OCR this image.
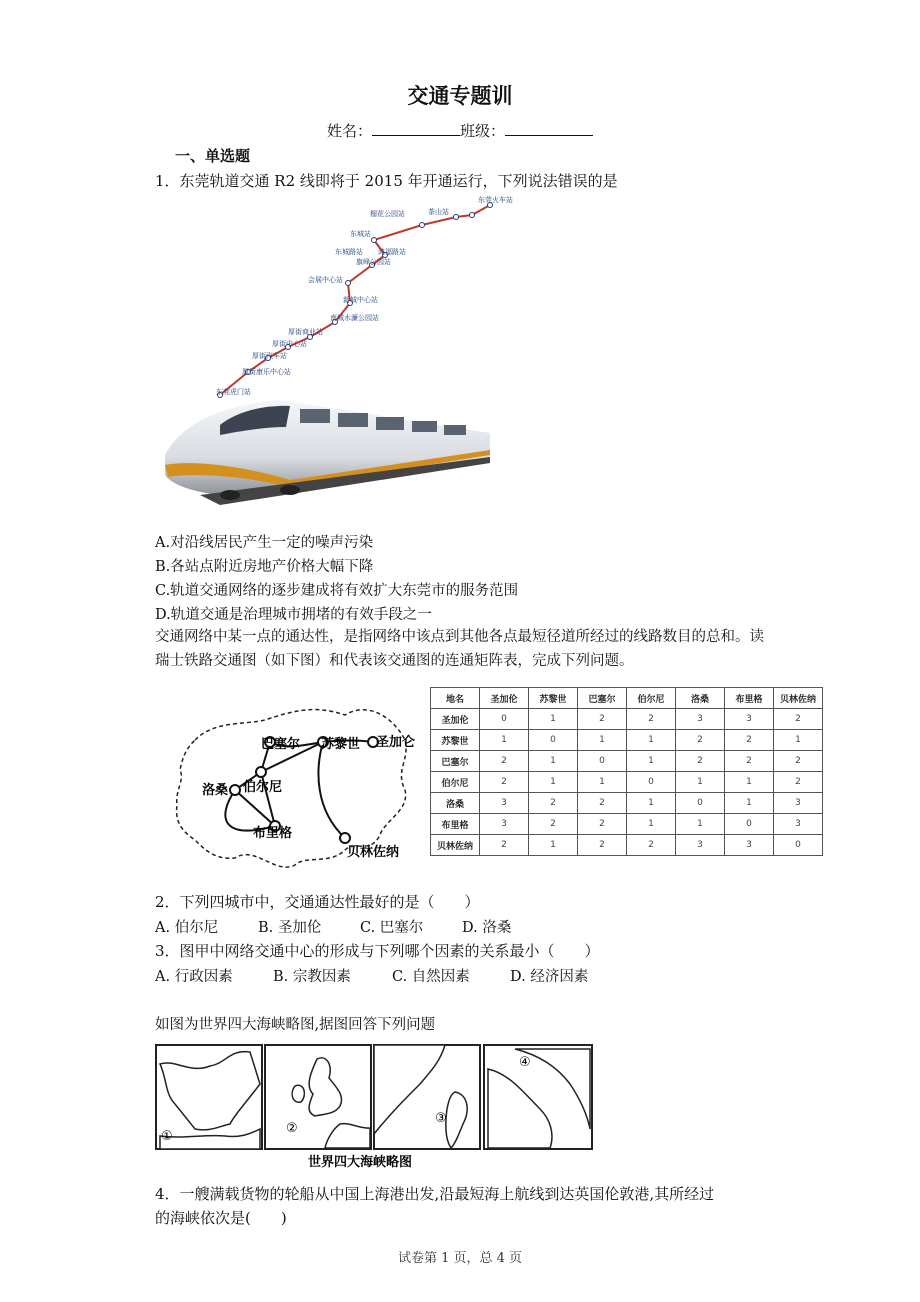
交通专题训
姓名：	班级：
一、单选题
1．东莞轨道交通 R2 线即将于 2015 年开通运行，下列说法错误的是
东莞火车站
茶山站
榴花公园站
东城站
东城路站 鸿福路站
旗峰公园站
会展中心站
新城中心站
南城水濂公园站
厚街商业站
厚街中心站
厚街汽车站
厚街康乐中心站
东莞虎门站
A.对沿线居民产生一定的噪声污染
B.各站点附近房地产价格大幅下降
C.轨道交通网络的逐步建成将有效扩大东莞市的服务范围
D.轨道交通是治理城市拥堵的有效手段之一
交通网络中某一点的通达性，是指网络中该点到其他各点最短径道所经过的线路数目的总和。读瑞士铁路交通图（如下图）和代表该交通图的连通矩阵表，完成下列问题。
巴塞尔 苏黎世 圣加仑
伯尔尼
洛桑
布里格
贝林佐纳
地名	圣加伦	苏黎世	巴塞尔	伯尔尼	洛桑	布里格	贝林佐纳
圣加伦	0	1	2	2	3	3	2
苏黎世	1	0	1	1	2	2	1
巴塞尔	2	1	0	1	2	2	2
伯尔尼	2	1	1	0	1	1	2
洛桑	3	2	2	1	0	1	3
布里格	3	2	2	1	1	0	3
贝林佐纳	2	1	2	2	3	3	0
2．下列四城市中，交通通达性最好的是（　　）
A. 伯尔尼	B. 圣加伦	C. 巴塞尔	D. 洛桑
3．图甲中网络交通中心的形成与下列哪个因素的关系最小（　　）
A. 行政因素	B. 宗教因素	C. 自然因素	D. 经济因素
如图为世界四大海峡略图,据图回答下列问题
①
②
③
④
世界四大海峡略图
4．一艘满载货物的轮船从中国上海港出发,沿最短海上航线到达英国伦敦港,其所经过
的海峡依次是(　　)
试卷第 1 页，总 4 页
